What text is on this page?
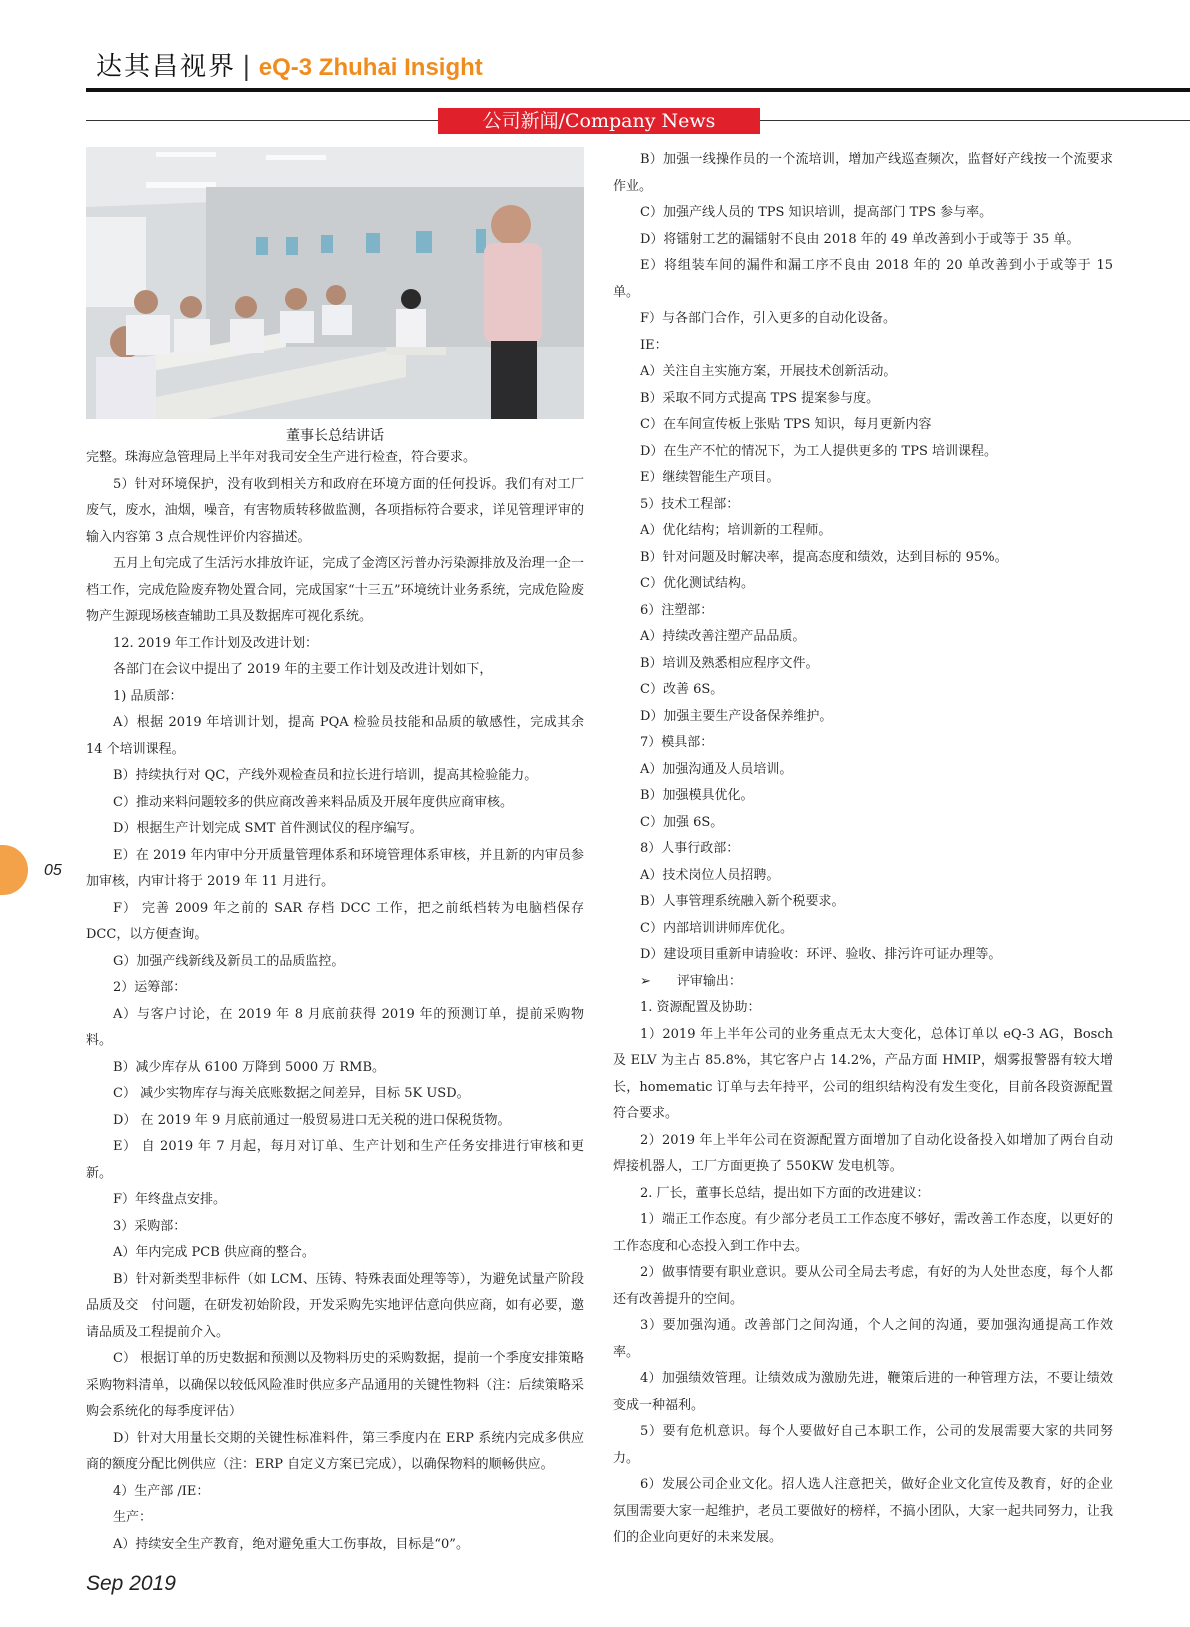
达其昌视界 | eQ-3 Zhuhai Insight
公司新闻/Company News
董事长总结讲话

完整。珠海应急管理局上半年对我司安全生产进行检查，符合要求。

5）针对环境保护，没有收到相关方和政府在环境方面的任何投诉。我们有对工厂废气，废水，油烟，噪音，有害物质转移做监测，各项指标符合要求，详见管理评审的输入内容第 3 点合规性评价内容描述。

五月上旬完成了生活污水排放许证，完成了金湾区污普办污染源排放及治理一企一档工作，完成危险废弃物处置合同，完成国家“十三五”环境统计业务系统，完成危险废物产生源现场核查辅助工具及数据库可视化系统。

12. 2019 年工作计划及改进计划：

各部门在会议中提出了 2019 年的主要工作计划及改进计划如下，

1) 品质部：

A）根据 2019 年培训计划，提高 PQA 检验员技能和品质的敏感性，完成其余 14 个培训课程。

B）持续执行对 QC，产线外观检查员和拉长进行培训，提高其检验能力。

C）推动来料问题较多的供应商改善来料品质及开展年度供应商审核。

D）根据生产计划完成 SMT 首件测试仪的程序编写。

E）在 2019 年内审中分开质量管理体系和环境管理体系审核，并且新的内审员参加审核，内审计将于 2019 年 11 月进行。

F） 完善 2009 年之前的 SAR 存档 DCC 工作，把之前纸档转为电脑档保存 DCC，以方便查询。

G）加强产线新线及新员工的品质监控。

2）运筹部：

A）与客户讨论，在 2019 年 8 月底前获得 2019 年的预测订单，提前采购物料。

B）减少库存从 6100 万降到 5000 万 RMB。

C） 减少实物库存与海关底账数据之间差异，目标 5K USD。

D） 在 2019 年 9 月底前通过一般贸易进口无关税的进口保税货物。

E） 自 2019 年 7 月起，每月对订单、生产计划和生产任务安排进行审核和更新。

F）年终盘点安排。

3）采购部：

A）年内完成 PCB 供应商的整合。

B）针对新类型非标件（如 LCM、压铸、特殊表面处理等等），为避免试量产阶段品质及交　付问题，在研发初始阶段，开发采购先实地评估意向供应商，如有必要，邀请品质及工程提前介入。

C） 根据订单的历史数据和预测以及物料历史的采购数据，提前一个季度安排策略采购物料清单，以确保以较低风险准时供应多产品通用的关键性物料（注：后续策略采购会系统化的每季度评估）

D）针对大用量长交期的关键性标准料件，第三季度内在 ERP 系统内完成多供应商的额度分配比例供应（注：ERP 自定义方案已完成），以确保物料的顺畅供应。

4）生产部 /IE：

生产：

A）持续安全生产教育，绝对避免重大工伤事故，目标是“0”。

B）加强一线操作员的一个流培训，增加产线巡查频次，监督好产线按一个流要求作业。

C）加强产线人员的 TPS 知识培训，提高部门 TPS 参与率。

D）将镭射工艺的漏镭射不良由 2018 年的 49 单改善到小于或等于 35 单。

E）将组装车间的漏件和漏工序不良由 2018 年的 20 单改善到小于或等于 15 单。

F）与各部门合作，引入更多的自动化设备。

IE：

A）关注自主实施方案，开展技术创新活动。

B）采取不同方式提高 TPS 提案参与度。

C）在车间宣传板上张贴 TPS 知识，每月更新内容

D）在生产不忙的情况下，为工人提供更多的 TPS 培训课程。

E）继续智能生产项目。

5）技术工程部：

A）优化结构；培训新的工程师。

B）针对问题及时解决率，提高态度和绩效，达到目标的 95%。

C）优化测试结构。

6）注塑部：

A）持续改善注塑产品品质。

B）培训及熟悉相应程序文件。

C）改善 6S。

D）加强主要生产设备保养维护。

7）模具部：

A）加强沟通及人员培训。

B）加强模具优化。

C）加强 6S。

8）人事行政部：

A）技术岗位人员招聘。

B）人事管理系统融入新个税要求。

C）内部培训讲师库优化。

D）建设项目重新申请验收：环评、验收、排污许可证办理等。

➢　　评审输出：

1. 资源配置及协助：

1）2019 年上半年公司的业务重点无太大变化，总体订单以 eQ-3 AG，Bosch 及 ELV 为主占 85.8%，其它客户占 14.2%，产品方面 HMIP，烟雾报警器有较大增长，homematic 订单与去年持平，公司的组织结构没有发生变化，目前各段资源配置符合要求。

2）2019 年上半年公司在资源配置方面增加了自动化设备投入如增加了两台自动焊接机器人，工厂方面更换了 550KW 发电机等。

2. 厂长，董事长总结，提出如下方面的改进建议：

1）端正工作态度。有少部分老员工工作态度不够好，需改善工作态度，以更好的工作态度和心态投入到工作中去。

2）做事情要有职业意识。要从公司全局去考虑，有好的为人处世态度，每个人都还有改善提升的空间。

3）要加强沟通。改善部门之间沟通，个人之间的沟通，要加强沟通提高工作效率。

4）加强绩效管理。让绩效成为激励先进，鞭策后进的一种管理方法，不要让绩效变成一种福利。

5）要有危机意识。每个人要做好自己本职工作，公司的发展需要大家的共同努力。

6）发展公司企业文化。招人选人注意把关，做好企业文化宣传及教育，好的企业氛围需要大家一起维护，老员工要做好的榜样，不搞小团队，大家一起共同努力，让我们的企业向更好的未来发展。

05
Sep 2019
